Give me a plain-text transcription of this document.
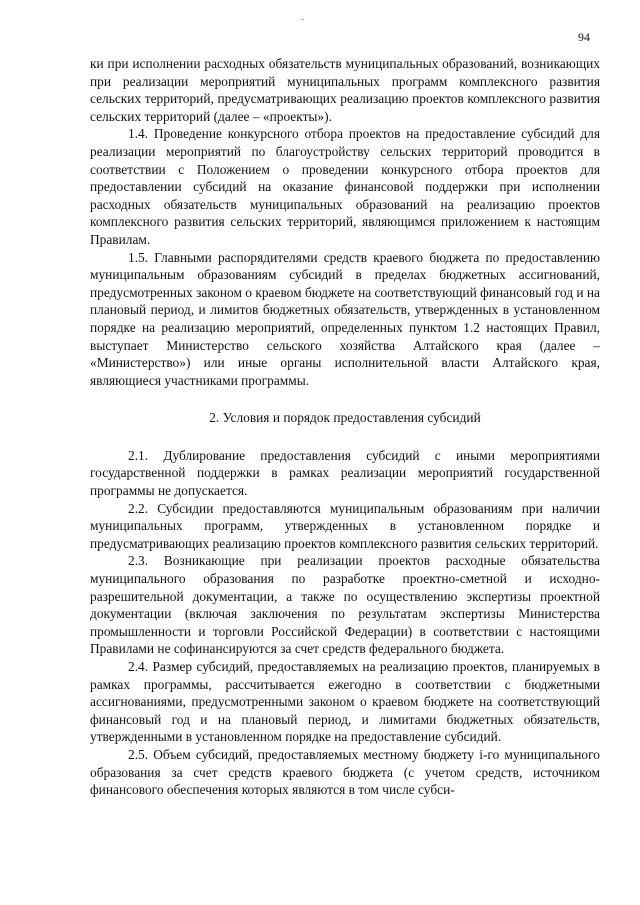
..
94

ки при исполнении расходных обязательств муниципальных образований, возникающих при реализации мероприятий муниципальных программ комплексного развития сельских территорий, предусматривающих реализацию проектов комплексного развития сельских территорий (далее – «проекты»).

1.4. Проведение конкурсного отбора проектов на предоставление субсидий для реализации мероприятий по благоустройству сельских территорий проводится в соответствии с Положением о проведении конкурсного отбора проектов для предоставлении субсидий на оказание финансовой поддержки при исполнении расходных обязательств муниципальных образований на реализацию проектов комплексного развития сельских территорий, являющимся приложением к настоящим Правилам.

1.5. Главными распорядителями средств краевого бюджета по предоставлению муниципальным образованиям субсидий в пределах бюджетных ассигнований, предусмотренных законом о краевом бюджете на соответствующий финансовый год и на плановый период, и лимитов бюджетных обязательств, утвержденных в установленном порядке на реализацию мероприятий, определенных пунктом 1.2 настоящих Правил, выступает Министерство сельского хозяйства Алтайского края (далее – «Министерство») или иные органы исполнительной власти Алтайского края, являющиеся участниками программы.

2. Условия и порядок предоставления субсидий

2.1. Дублирование предоставления субсидий с иными мероприятиями государственной поддержки в рамках реализации мероприятий государственной программы не допускается.

2.2. Субсидии предоставляются муниципальным образованиям при наличии муниципальных программ, утвержденных в установленном порядке и предусматривающих реализацию проектов комплексного развития сельских территорий.

2.3. Возникающие при реализации проектов расходные обязательства муниципального образования по разработке проектно-сметной и исходно-разрешительной документации, а также по осуществлению экспертизы проектной документации (включая заключения по результатам экспертизы Министерства промышленности и торговли Российской Федерации) в соответствии с настоящими Правилами не софинансируются за счет средств федерального бюджета.

2.4. Размер субсидий, предоставляемых на реализацию проектов, планируемых в рамках программы, рассчитывается ежегодно в соответствии с бюджетными ассигнованиями, предусмотренными законом о краевом бюджете на соответствующий финансовый год и на плановый период, и лимитами бюджетных обязательств, утвержденными в установленном порядке на предоставление субсидий.

2.5. Объем субсидий, предоставляемых местному бюджету i-го муниципального образования за счет средств краевого бюджета (с учетом средств, источником финансового обеспечения которых являются в том числе субси-
